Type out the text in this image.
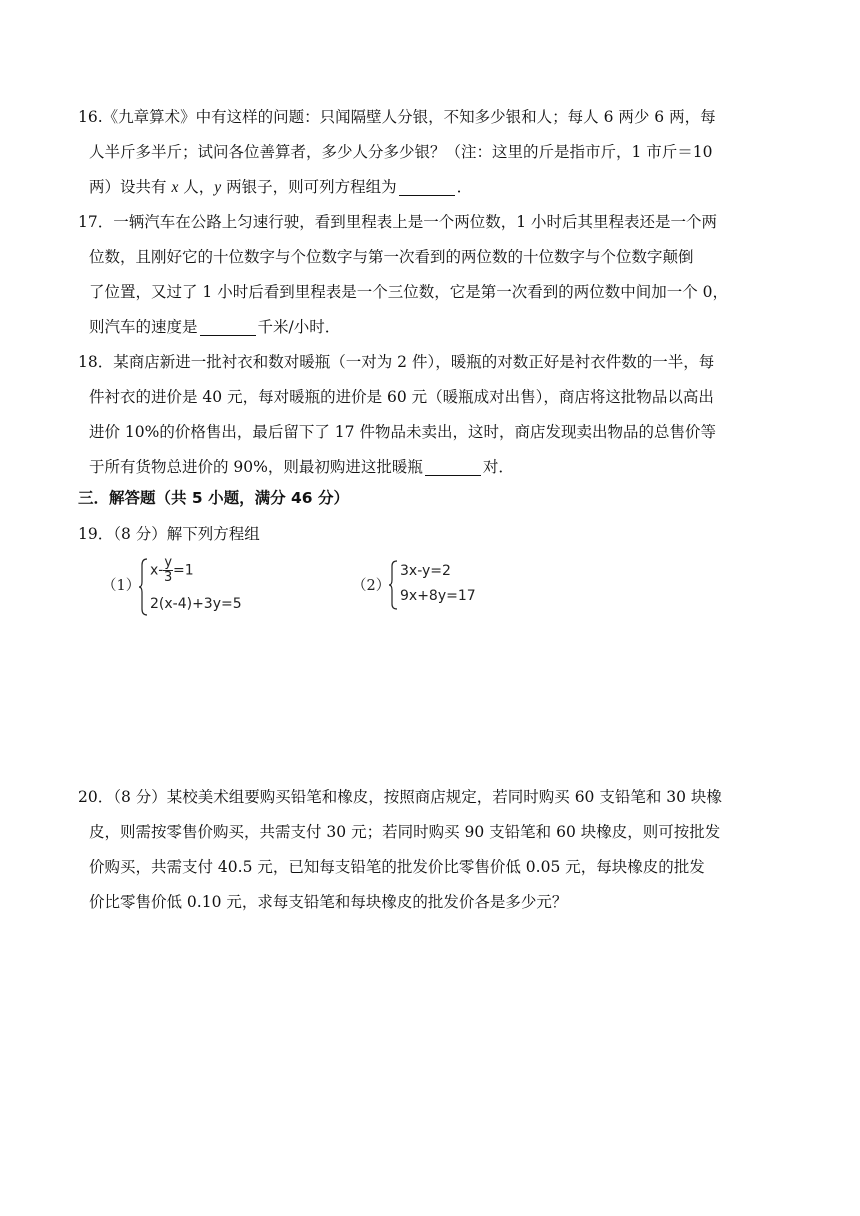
16.《九章算术》中有这样的问题：只闻隔壁人分银，不知多少银和人；每人 6 两少 6 两，每
人半斤多半斤；试问各位善算者，多少人分多少银？（注：这里的斤是指市斤，1 市斤＝10
两）设共有 x 人，y 两银子，则可列方程组为	．
17．一辆汽车在公路上匀速行驶，看到里程表上是一个两位数，1 小时后其里程表还是一个两
位数，且刚好它的十位数字与个位数字与第一次看到的两位数的十位数字与个位数字颠倒
了位置，又过了 1 小时后看到里程表是一个三位数，它是第一次看到的两位数中间加一个 0，
则汽车的速度是	千米/小时．
18．某商店新进一批衬衣和数对暖瓶（一对为 2 件），暖瓶的对数正好是衬衣件数的一半，每
件衬衣的进价是 40 元，每对暖瓶的进价是 60 元（暖瓶成对出售），商店将这批物品以高出
进价 10%的价格售出，最后留下了 17 件物品未卖出，这时，商店发现卖出物品的总售价等
于所有货物总进价的 90%，则最初购进这批暖瓶	对．
三．解答题（共 5 小题，满分 46 分）
19．（8 分）解下列方程组
（1）
$x- \frac{y}{3} =1$
2(x-4)+3y=5
（2）
3x-y=2
9x+8y=17
20．（8 分）某校美术组要购买铅笔和橡皮，按照商店规定，若同时购买 60 支铅笔和 30 块橡
皮，则需按零售价购买，共需支付 30 元；若同时购买 90 支铅笔和 60 块橡皮，则可按批发
价购买，共需支付 40.5 元，已知每支铅笔的批发价比零售价低 0.05 元，每块橡皮的批发
价比零售价低 0.10 元，求每支铅笔和每块橡皮的批发价各是多少元？
